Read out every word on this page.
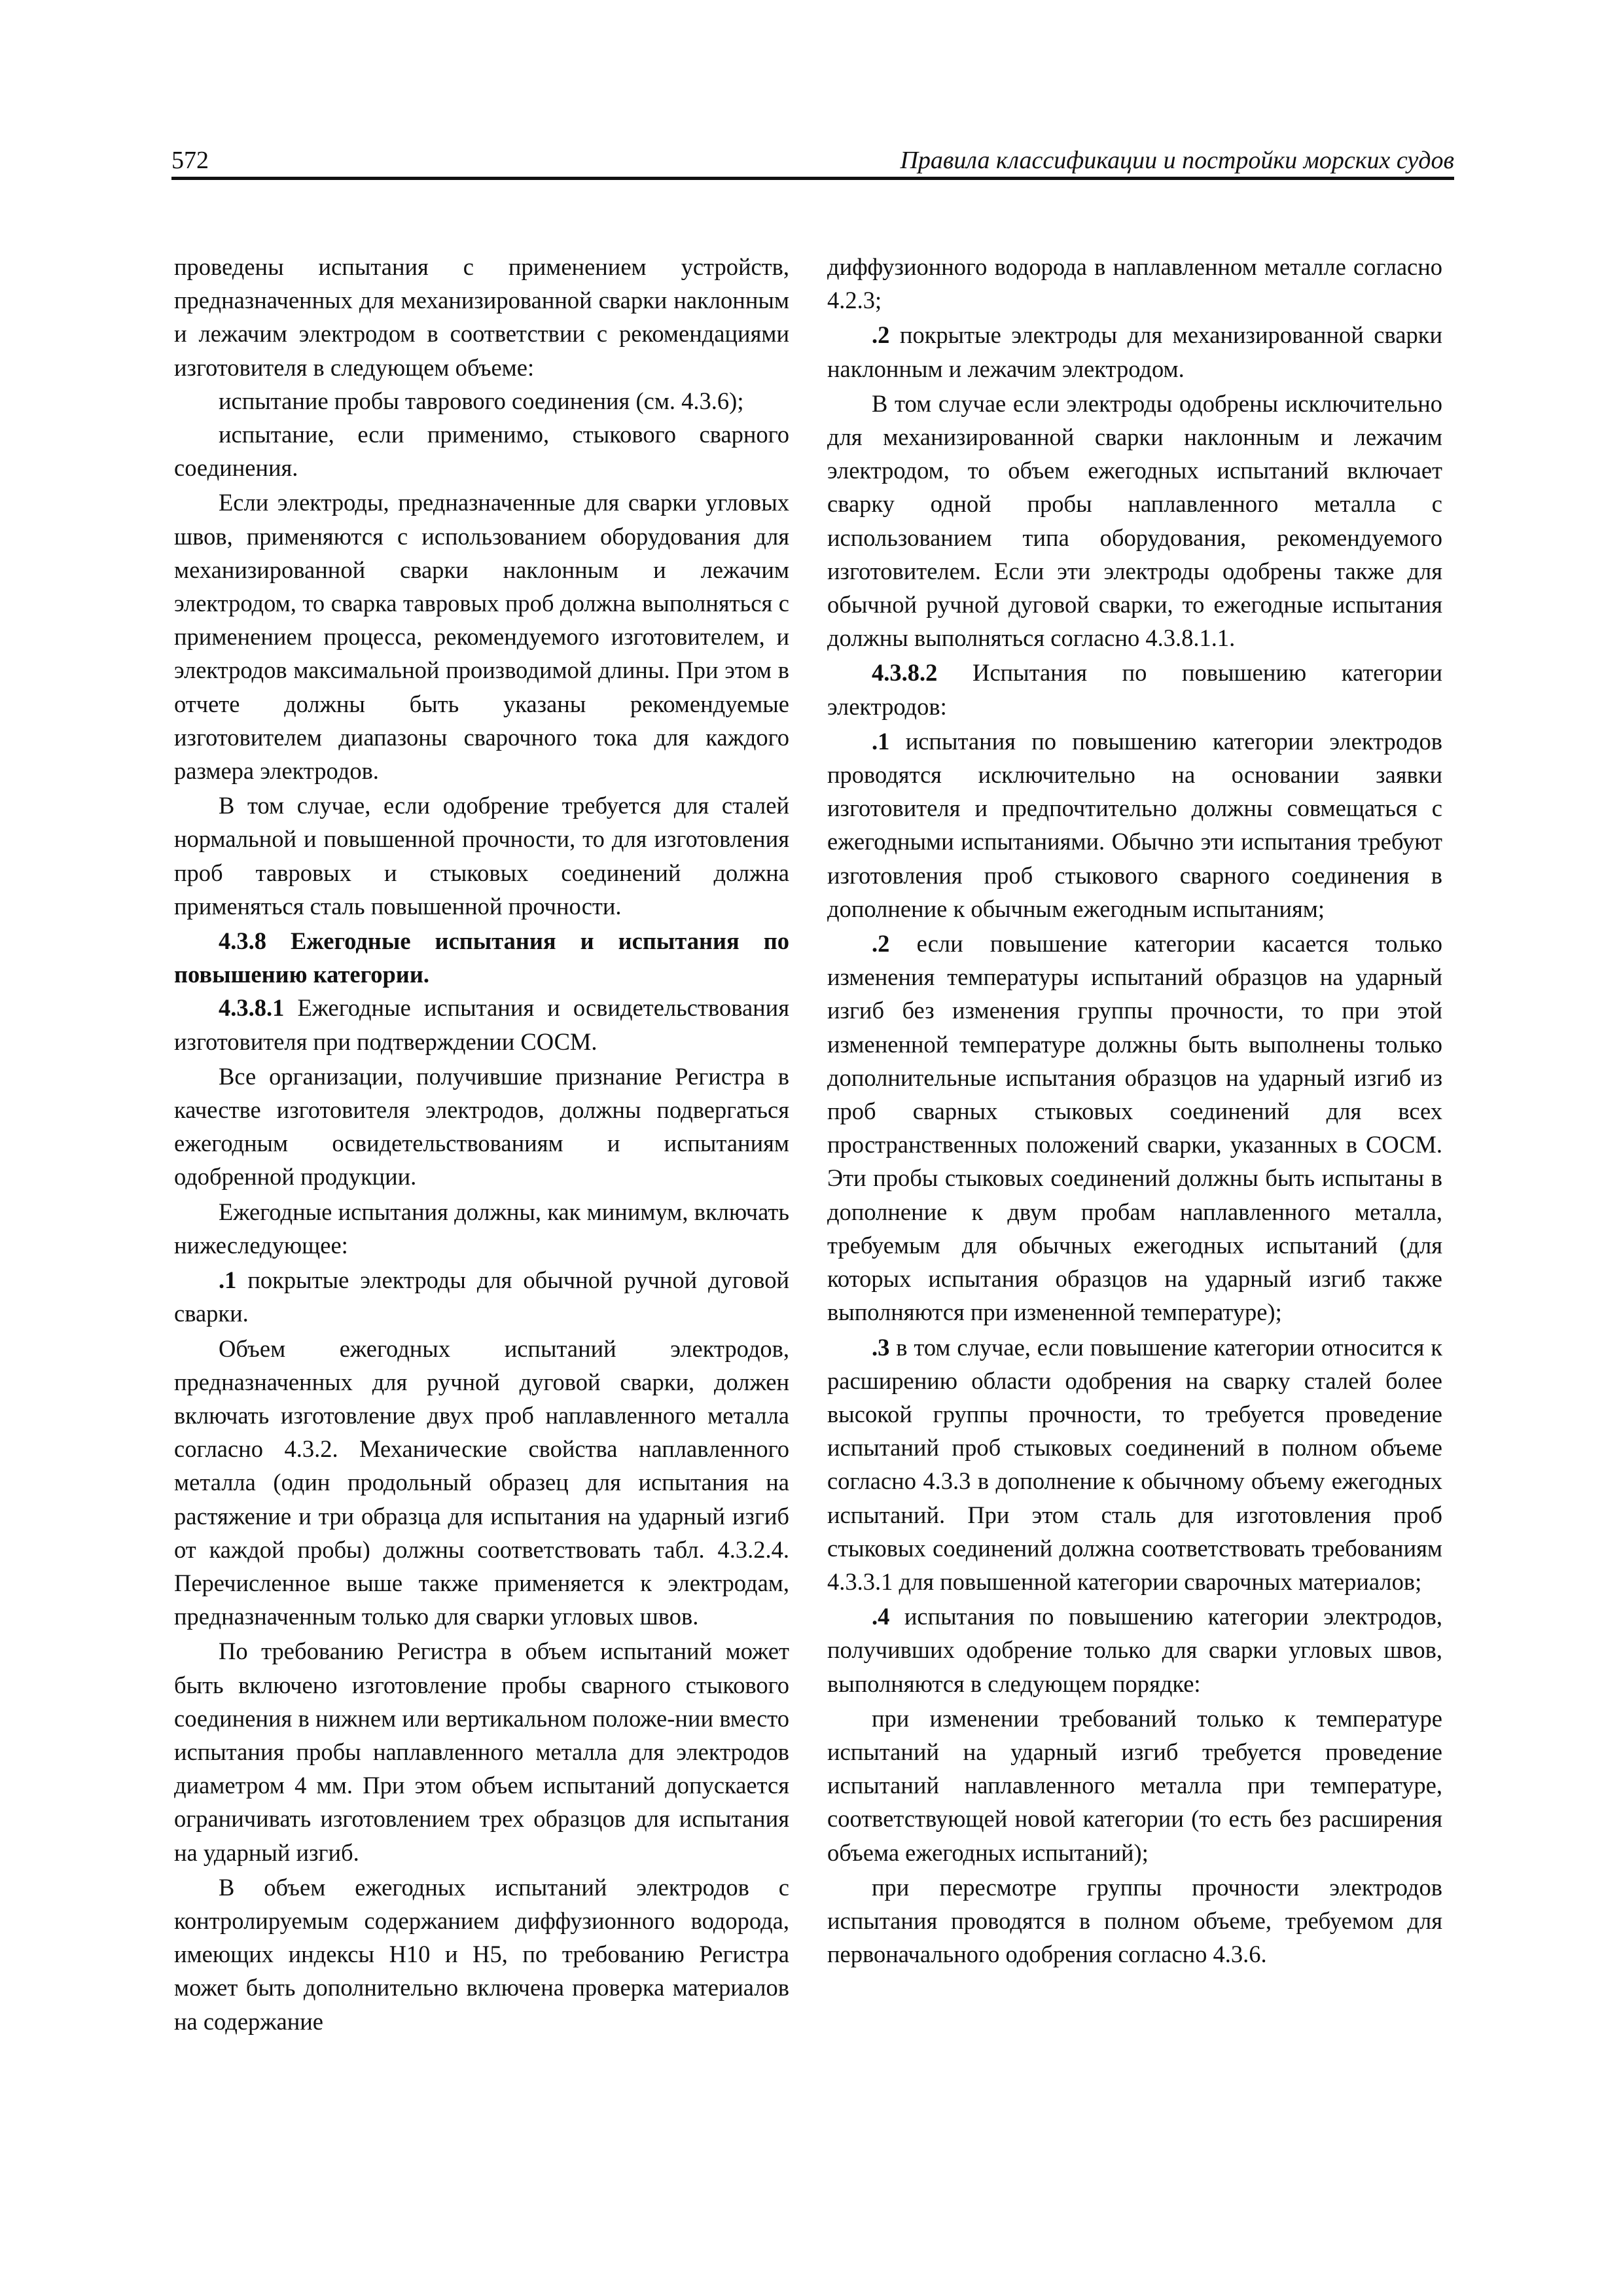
572	Правила классификации и постройки морских судов

проведены испытания с применением устройств, предназначенных для механизированной сварки наклонным и лежачим электродом в соответствии с рекомендациями изготовителя в следующем объеме:

испытание пробы таврового соединения (см. 4.3.6);

испытание, если применимо, стыкового сварного соединения.

Если электроды, предназначенные для сварки угловых швов, применяются с использованием оборудования для механизированной сварки наклонным и лежачим электродом, то сварка тавровых проб должна выполняться с применением процесса, рекомендуемого изготовителем, и электродов максимальной производимой длины. При этом в отчете должны быть указаны рекомендуемые изготовителем диапазоны сварочного тока для каждого размера электродов.

В том случае, если одобрение требуется для сталей нормальной и повышенной прочности, то для изготовления проб тавровых и стыковых соединений должна применяться сталь повышенной прочности.

4.3.8 Ежегодные испытания и испытания по повышению категории.

4.3.8.1 Ежегодные испытания и освидетельствования изготовителя при подтверждении СОСМ.

Все организации, получившие признание Регистра в качестве изготовителя электродов, должны подвергаться ежегодным освидетельствованиям и испытаниям одобренной продукции.

Ежегодные испытания должны, как минимум, включать нижеследующее:

.1 покрытые электроды для обычной ручной дуговой сварки.

Объем ежегодных испытаний электродов, предназначенных для ручной дуговой сварки, должен включать изготовление двух проб наплавленного металла согласно 4.3.2. Механические свойства наплавленного металла (один продольный образец для испытания на растяжение и три образца для испытания на ударный изгиб от каждой пробы) должны соответствовать табл. 4.3.2.4. Перечисленное выше также применяется к электродам, предназначенным только для сварки угловых швов.

По требованию Регистра в объем испытаний может быть включено изготовление пробы сварного стыкового соединения в нижнем или вертикальном положе-нии вместо испытания пробы наплавленного металла для электродов диаметром 4 мм. При этом объем испытаний допускается ограничивать изготовлением трех образцов для испытания на ударный изгиб.

В объем ежегодных испытаний электродов с контролируемым содержанием диффузионного водорода, имеющих индексы Н10 и Н5, по требованию Регистра может быть дополнительно включена проверка материалов на содержание

диффузионного водорода в наплавленном металле согласно 4.2.3;

.2 покрытые электроды для механизированной сварки наклонным и лежачим электродом.

В том случае если электроды одобрены исключительно для механизированной сварки наклонным и лежачим электродом, то объем ежегодных испытаний включает сварку одной пробы наплавленного металла с использованием типа оборудования, рекомендуемого изготовителем. Если эти электроды одобрены также для обычной ручной дуговой сварки, то ежегодные испытания должны выполняться согласно 4.3.8.1.1.

4.3.8.2 Испытания по повышению категории электродов:

.1 испытания по повышению категории электродов проводятся исключительно на основании заявки изготовителя и предпочтительно должны совмещаться с ежегодными испытаниями. Обычно эти испытания требуют изготовления проб стыкового сварного соединения в дополнение к обычным ежегодным испытаниям;

.2 если повышение категории касается только изменения температуры испытаний образцов на ударный изгиб без изменения группы прочности, то при этой измененной температуре должны быть выполнены только дополнительные испытания образцов на ударный изгиб из проб сварных стыковых соединений для всех пространственных положений сварки, указанных в СОСМ. Эти пробы стыковых соединений должны быть испытаны в дополнение к двум пробам наплавленного металла, требуемым для обычных ежегодных испытаний (для которых испытания образцов на ударный изгиб также выполняются при измененной температуре);

.3 в том случае, если повышение категории относится к расширению области одобрения на сварку сталей более высокой группы прочности, то требуется проведение испытаний проб стыковых соединений в полном объеме согласно 4.3.3 в дополнение к обычному объему ежегодных испытаний. При этом сталь для изготовления проб стыковых соединений должна соответствовать требованиям 4.3.3.1 для повышенной категории сварочных материалов;

.4 испытания по повышению категории электродов, получивших одобрение только для сварки угловых швов, выполняются в следующем порядке:

при изменении требований только к температуре испытаний на ударный изгиб требуется проведение испытаний наплавленного металла при температуре, соответствующей новой категории (то есть без расширения объема ежегодных испытаний);

при пересмотре группы прочности электродов испытания проводятся в полном объеме, требуемом для первоначального одобрения согласно 4.3.6.
